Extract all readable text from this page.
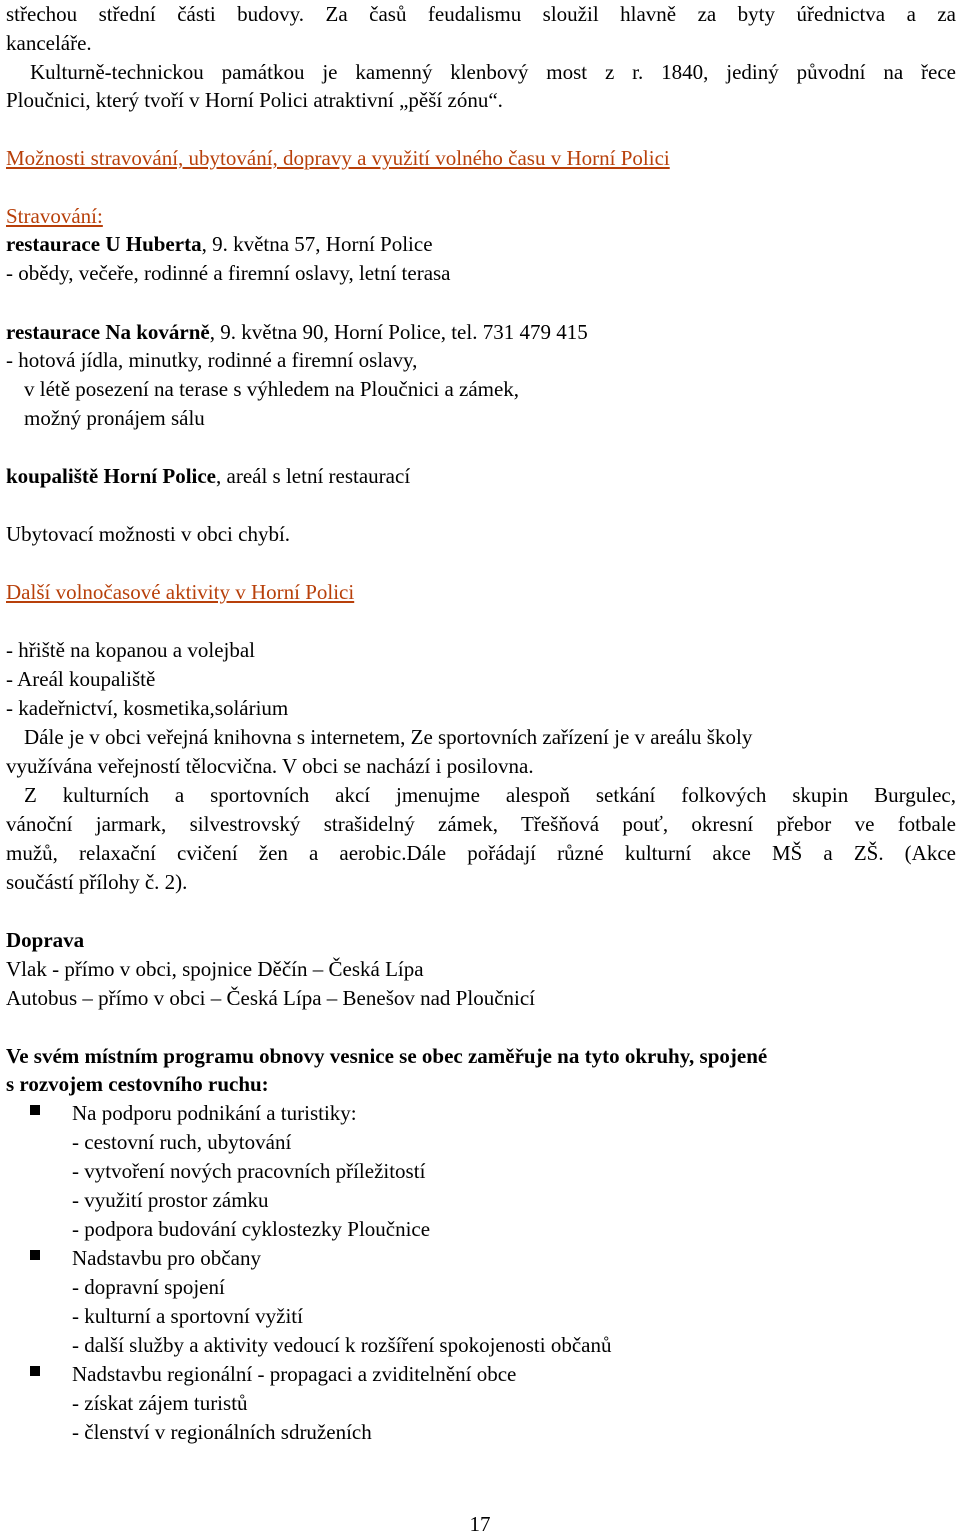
střechou střední části budovy. Za časů feudalismu sloužil hlavně za byty úřednictva a za
kanceláře.
Kulturně-technickou památkou je kamenný klenbový most z r. 1840, jediný původní na řece
Ploučnici, který tvoří v Horní Polici atraktivní „pěší zónu“.
Možnosti stravování, ubytování, dopravy a využití volného času v Horní Polici
Stravování:
restaurace U Huberta, 9. května 57, Horní Police
- obědy, večeře, rodinné a firemní oslavy, letní terasa
restaurace Na kovárně, 9. května 90, Horní Police, tel. 731 479 415
- hotová jídla, minutky, rodinné a firemní oslavy,
v létě posezení na terase s výhledem na Ploučnici a zámek,
možný pronájem sálu
koupaliště Horní Police, areál s letní restaurací
Ubytovací možnosti v obci chybí.
Další volnočasové aktivity v Horní Polici
- hřiště na kopanou a volejbal
- Areál koupaliště
- kadeřnictví, kosmetika,solárium
Dále je v obci veřejná knihovna s internetem, Ze sportovních zařízení je v areálu školy
využívána veřejností tělocvična. V obci se nachází i posilovna.
Z kulturních a sportovních akcí jmenujme alespoň setkání folkových skupin Burgulec,
vánoční jarmark, silvestrovský strašidelný zámek, Třešňová pouť, okresní přebor ve fotbale
mužů, relaxační cvičení žen a aerobic.Dále pořádají různé kulturní akce MŠ a ZŠ. (Akce
součástí přílohy č. 2).
Doprava
Vlak - přímo v obci, spojnice Děčín – Česká Lípa
Autobus – přímo v obci – Česká Lípa – Benešov nad Ploučnicí
Ve svém místním programu obnovy vesnice se obec zaměřuje na tyto okruhy, spojené
s rozvojem cestovního ruchu:
Na podporu podnikání a turistiky:
- cestovní ruch, ubytování
- vytvoření nových pracovních příležitostí
- využití prostor zámku
- podpora budování cyklostezky Ploučnice
Nadstavbu pro občany
- dopravní spojení
- kulturní a sportovní vyžití
- další služby a aktivity vedoucí k rozšíření spokojenosti občanů
Nadstavbu regionální - propagaci a zviditelnění obce
- získat zájem turistů
- členství v regionálních sdruženích
17
